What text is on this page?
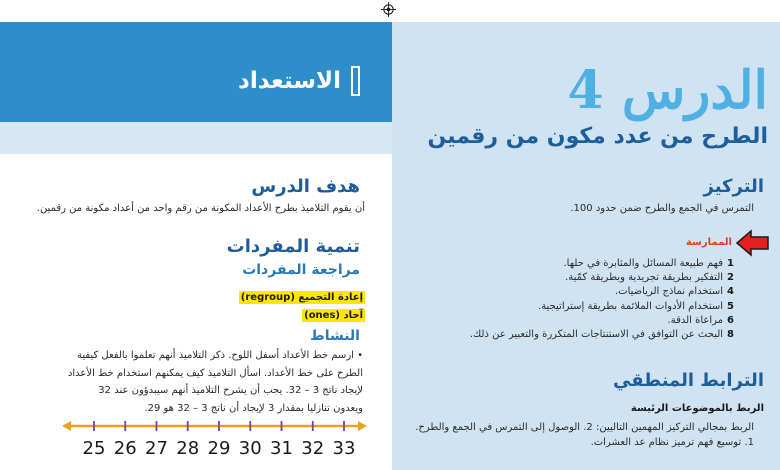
الاستعداد	الدرس 4
الطرح من عدد مكون من رقمين
هدف الدرس
أن يقوم التلاميذ بطرح الأعداد المكونة من رقم واحد من أعداد مكونة من رقمين.
تنمية المفردات
مراجعة المفردات
إعادة التجميع (regroup)
آحاد (ones)
النشاط
• ارسم خط الأعداد أسفل اللوح. ذكر التلاميذ أنهم تعلموا بالفعل كيفية الطرح على خط الأعداد. اسأل التلاميذ كيف يمكنهم استخدام خط الأعداد لإيجاد ناتج 3 – 32. يجب أن يشرح التلاميذ أنهم سيبدؤون عند 32 ويعدون تنازليا بمقدار 3 لإيجاد أن ناتج 3 – 32 هو 29.
25 26 27 28 29 30 31 32 33
التركيز
التمرس في الجمع والطرح ضمن حدود 100.
الممارسة
1
فهم طبيعة المسائل والمثابرة في حلها.
2
التفكير بطريقة تجريدية وبطريقة كمّية.
4
استخدام نماذج الرياضيات.
5
استخدام الأدوات الملائمة بطريقة إستراتيجية.
6
مراعاة الدقة.
8
البحث عن التوافق في الاستنتاجات المتكررة والتعبير عن ذلك.
الترابط المنطقي
الربط بالموضوعات الرئيسة
الربط بمجالي التركيز المهمين التاليين: 2. الوصول إلى التمرس في الجمع والطرح. 1. توسيع فهم ترميز نظام عد العشرات.
